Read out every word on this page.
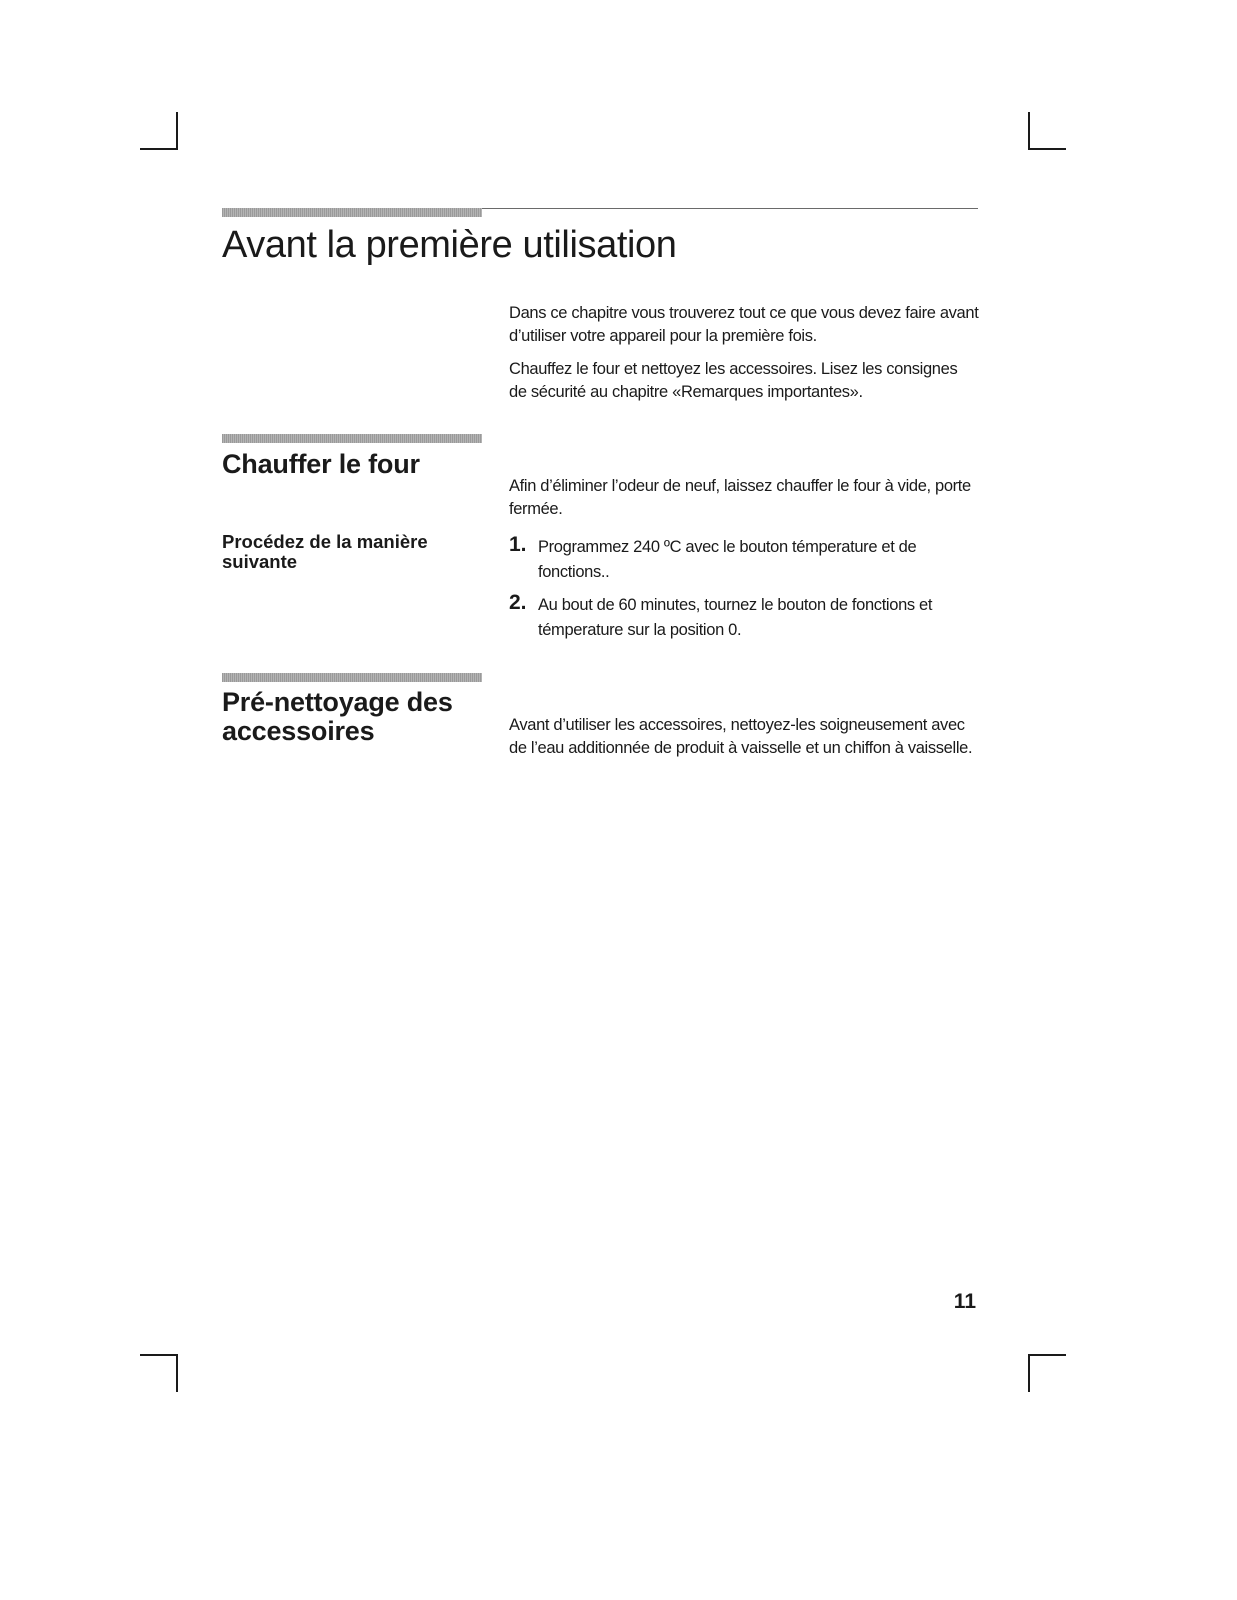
Avant la première utilisation

Dans ce chapitre vous trouverez tout ce que vous devez faire avant d’utiliser votre appareil pour la première fois.

Chauffez le four et nettoyez les accessoires. Lisez les consignes de sécurité au chapitre «Remarques importantes».

Chauffer le four

Afin d’éliminer l’odeur de neuf, laissez chauffer le four à vide, porte fermée.

Procédez de la manière suivante
1. Programmez 240 ºC avec le bouton témperature et de fonctions..
2. Au bout de 60 minutes, tournez le bouton de fonctions et témperature sur la position 0.
Pré-nettoyage des accessoires	Avant d’utiliser les accessoires, nettoyez-les soigneusement avec de l’eau additionnée de produit à vaisselle et un chiffon à vaisselle.

11
